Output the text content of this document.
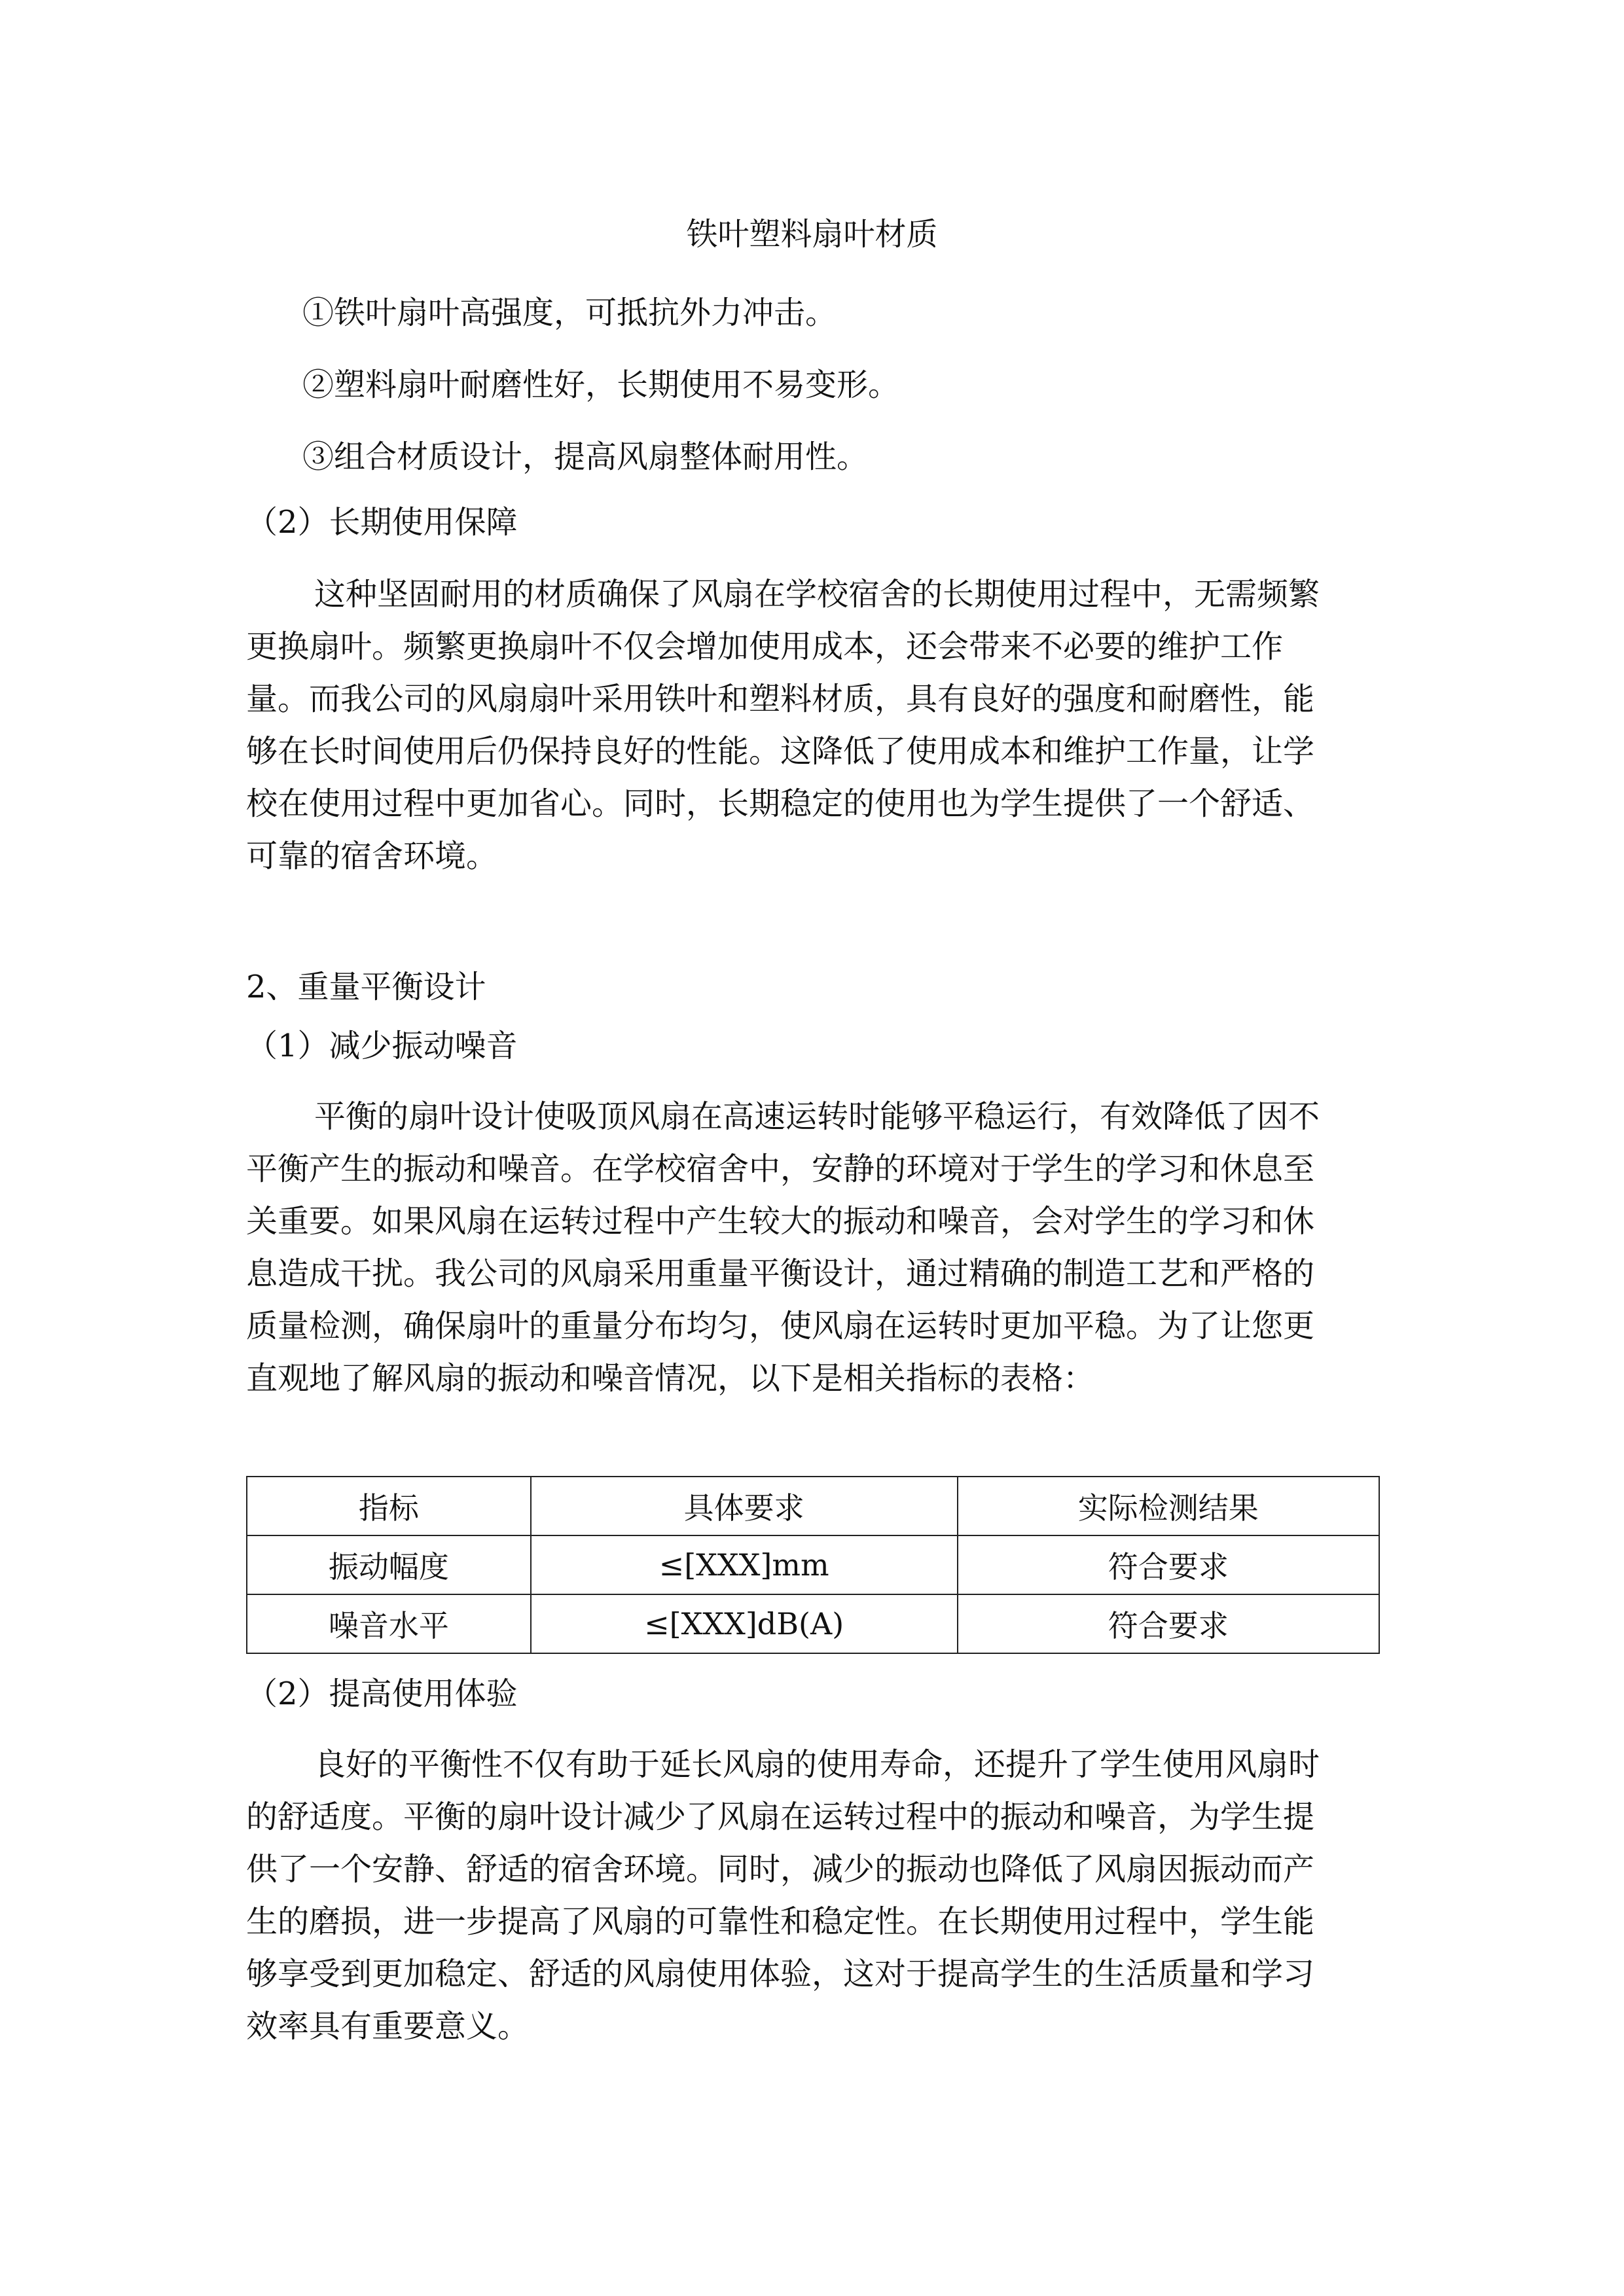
铁叶塑料扇叶材质
①铁叶扇叶高强度，可抵抗外力冲击。
②塑料扇叶耐磨性好，长期使用不易变形。
③组合材质设计，提高风扇整体耐用性。
（2）长期使用保障
这种坚固耐用的材质确保了风扇在学校宿舍的长期使用过程中，无需频繁
更换扇叶。频繁更换扇叶不仅会增加使用成本，还会带来不必要的维护工作
量。而我公司的风扇扇叶采用铁叶和塑料材质，具有良好的强度和耐磨性，能
够在长时间使用后仍保持良好的性能。这降低了使用成本和维护工作量，让学
校在使用过程中更加省心。同时，长期稳定的使用也为学生提供了一个舒适、
可靠的宿舍环境。
2、重量平衡设计
（1）减少振动噪音
平衡的扇叶设计使吸顶风扇在高速运转时能够平稳运行，有效降低了因不
平衡产生的振动和噪音。在学校宿舍中，安静的环境对于学生的学习和休息至
关重要。如果风扇在运转过程中产生较大的振动和噪音，会对学生的学习和休
息造成干扰。我公司的风扇采用重量平衡设计，通过精确的制造工艺和严格的
质量检测，确保扇叶的重量分布均匀，使风扇在运转时更加平稳。为了让您更
直观地了解风扇的振动和噪音情况，以下是相关指标的表格：
指标	具体要求	实际检测结果
振动幅度	≤[XXX]mm	符合要求
噪音水平	≤[XXX]dB(A)	符合要求
（2）提高使用体验
良好的平衡性不仅有助于延长风扇的使用寿命，还提升了学生使用风扇时
的舒适度。平衡的扇叶设计减少了风扇在运转过程中的振动和噪音，为学生提
供了一个安静、舒适的宿舍环境。同时，减少的振动也降低了风扇因振动而产
生的磨损，进一步提高了风扇的可靠性和稳定性。在长期使用过程中，学生能
够享受到更加稳定、舒适的风扇使用体验，这对于提高学生的生活质量和学习
效率具有重要意义。
